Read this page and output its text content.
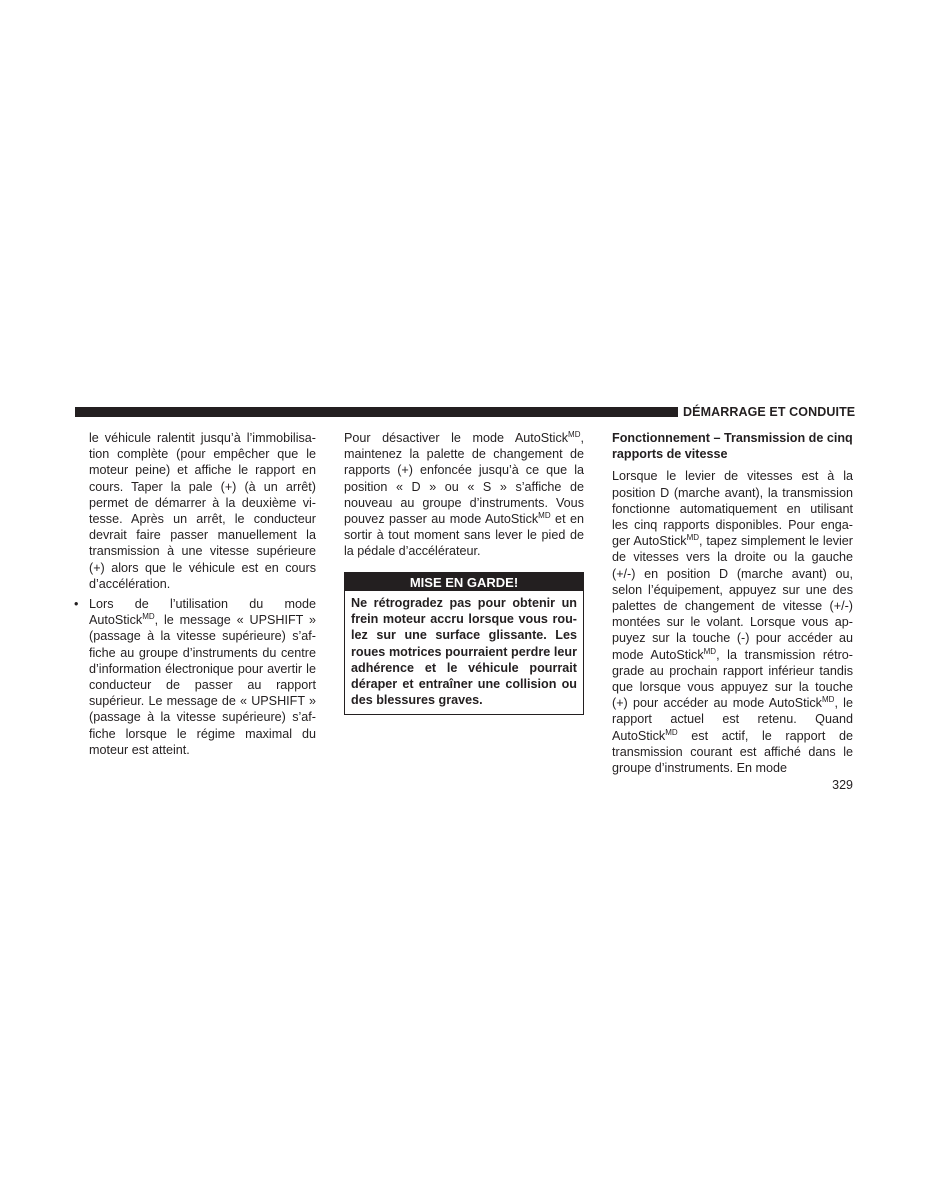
DÉMARRAGE ET CONDUITE

le véhicule ralentit jusqu’à l’immobilisation complète (pour empêcher que le moteur peine) et affiche le rapport en cours. Taper la pale (+) (à un arrêt) permet de démarrer à la deuxième vitesse. Après un arrêt, le conducteur devrait faire passer manuellement la transmission à une vitesse supérieure (+) alors que le véhicule est en cours d’accélération.

• Lors de l’utilisation du mode AutoStick$^{MD}$, le message « UPSHIFT » (passage à la vitesse supérieure) s’affiche au groupe d’instruments du centre d’information électronique pour avertir le conducteur de passer au rapport supérieur. Le message de « UPSHIFT » (passage à la vitesse supérieure) s’affiche lorsque le régime maximal du moteur est atteint.

Pour désactiver le mode AutoStick$^{MD}$, maintenez la palette de changement de rapports (+) enfoncée jusqu’à ce que la position « D » ou « S » s’affiche de nouveau au groupe d’instruments. Vous pouvez passer au mode AutoStick$^{MD}$ et en sortir à tout moment sans lever le pied de la pédale d’accélérateur.

MISE EN GARDE!
Ne rétrogradez pas pour obtenir un frein moteur accru lorsque vous roulez sur une surface glissante. Les roues motrices pourraient perdre leur adhérence et le véhicule pourrait déraper et entraîner une collision ou des blessures graves.

Fonctionnement – Transmission de cinq rapports de vitesse

Lorsque le levier de vitesses est à la position D (marche avant), la transmission fonctionne automatiquement en utilisant les cinq rapports disponibles. Pour engager AutoStick$^{MD}$, tapez simplement le levier de vitesses vers la droite ou la gauche (+/-) en position D (marche avant) ou, selon l’équipement, appuyez sur une des palettes de changement de vitesse (+/-) montées sur le volant. Lorsque vous appuyez sur la touche (-) pour accéder au mode AutoStick$^{MD}$, la transmission rétrograde au prochain rapport inférieur tandis que lorsque vous appuyez sur la touche (+) pour accéder au mode AutoStick$^{MD}$, le rapport actuel est retenu. Quand AutoStick$^{MD}$ est actif, le rapport de transmission courant est affiché dans le groupe d’instruments. En mode

329
